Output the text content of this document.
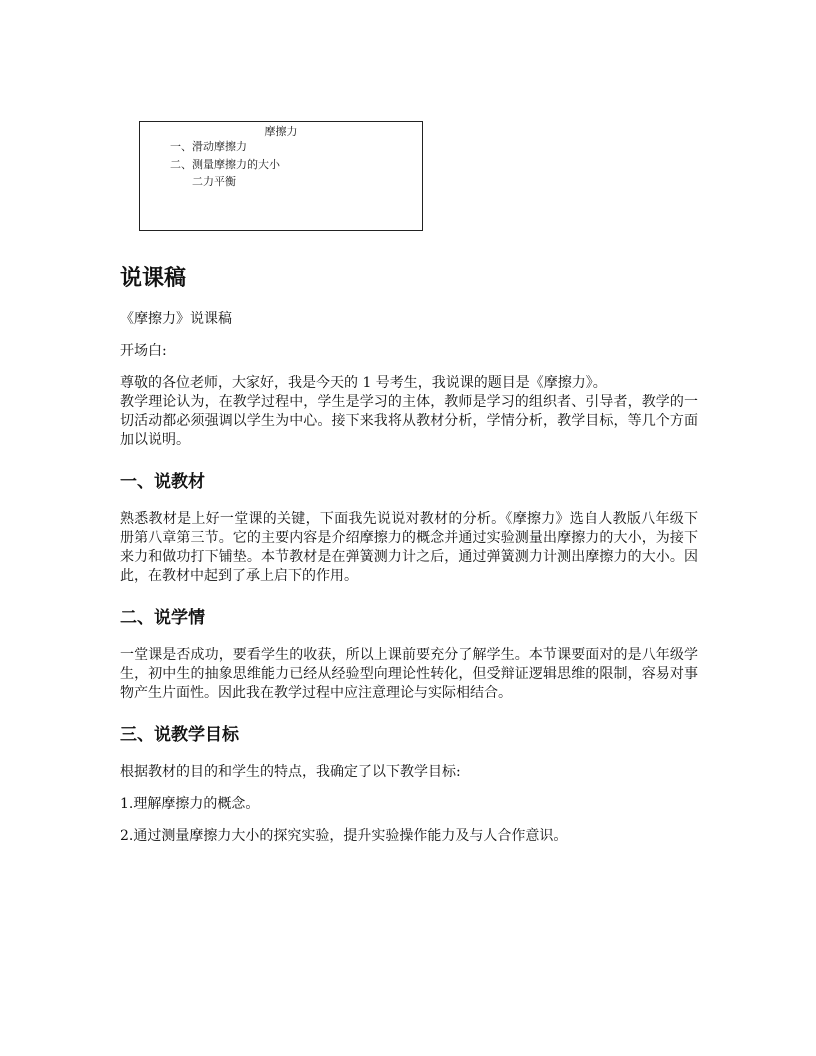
摩擦力
一、滑动摩擦力
二、测量摩擦力的大小
二力平衡
说课稿

《摩擦力》说课稿

开场白:

尊敬的各位老师，大家好，我是今天的 1 号考生，我说课的题目是《摩擦力》。

教学理论认为，在教学过程中，学生是学习的主体，教师是学习的组织者、引导者，教学的一切活动都必须强调以学生为中心。接下来我将从教材分析，学情分析，教学目标，等几个方面加以说明。

一、说教材

熟悉教材是上好一堂课的关键，下面我先说说对教材的分析。《摩擦力》选自人教版八年级下册第八章第三节。它的主要内容是介绍摩擦力的概念并通过实验测量出摩擦力的大小，为接下来力和做功打下铺垫。本节教材是在弹簧测力计之后，通过弹簧测力计测出摩擦力的大小。因此，在教材中起到了承上启下的作用。

二、说学情

一堂课是否成功，要看学生的收获，所以上课前要充分了解学生。本节课要面对的是八年级学生，初中生的抽象思维能力已经从经验型向理论性转化，但受辩证逻辑思维的限制，容易对事物产生片面性。因此我在教学过程中应注意理论与实际相结合。

三、说教学目标

根据教材的目的和学生的特点，我确定了以下教学目标:

1.理解摩擦力的概念。

2.通过测量摩擦力大小的探究实验，提升实验操作能力及与人合作意识。
